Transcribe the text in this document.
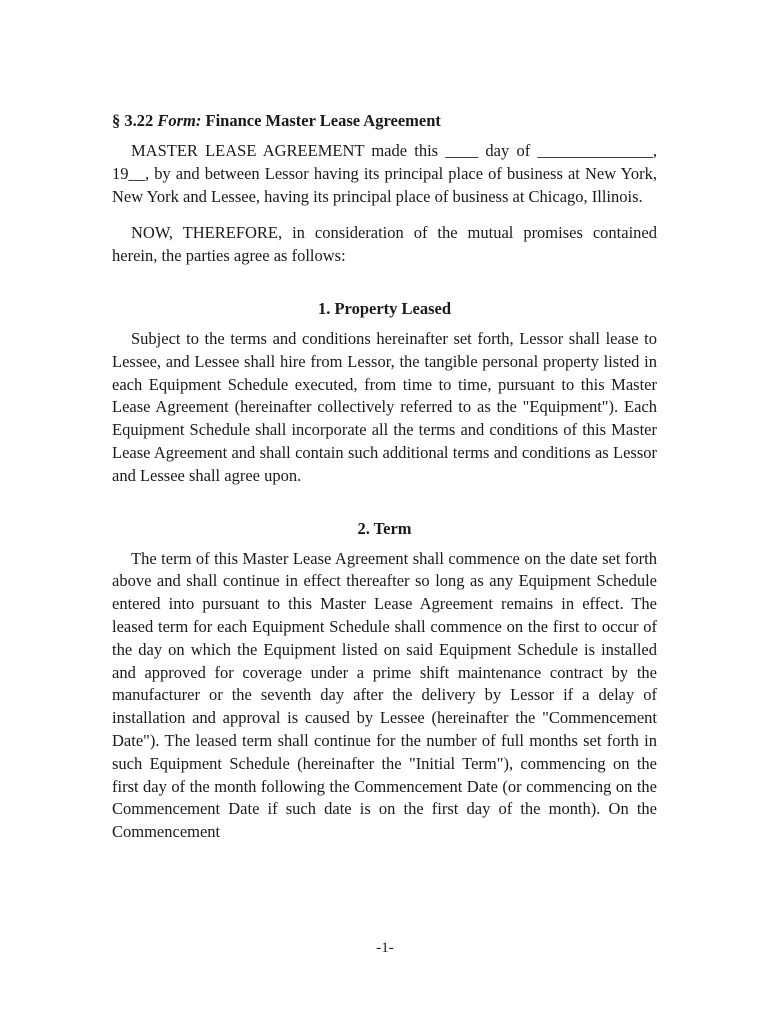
§ 3.22 Form: Finance Master Lease Agreement

MASTER LEASE AGREEMENT made this ____ day of ______________, 19__, by and between Lessor having its principal place of business at New York, New York and Lessee, having its principal place of business at Chicago, Illinois.

NOW, THEREFORE, in consideration of the mutual promises contained herein, the parties agree as follows:

1. Property Leased

Subject to the terms and conditions hereinafter set forth, Lessor shall lease to Lessee, and Lessee shall hire from Lessor, the tangible personal property listed in each Equipment Schedule executed, from time to time, pursuant to this Master Lease Agreement (hereinafter collectively referred to as the "Equipment"). Each Equipment Schedule shall incorporate all the terms and conditions of this Master Lease Agreement and shall contain such additional terms and conditions as Lessor and Lessee shall agree upon.

2. Term

The term of this Master Lease Agreement shall commence on the date set forth above and shall continue in effect thereafter so long as any Equipment Schedule entered into pursuant to this Master Lease Agreement remains in effect. The leased term for each Equipment Schedule shall commence on the first to occur of the day on which the Equipment listed on said Equipment Schedule is installed and approved for coverage under a prime shift maintenance contract by the manufacturer or the seventh day after the delivery by Lessor if a delay of installation and approval is caused by Lessee (hereinafter the "Commencement Date"). The leased term shall continue for the number of full months set forth in such Equipment Schedule (hereinafter the "Initial Term"), commencing on the first day of the month following the Commencement Date (or commencing on the Commencement Date if such date is on the first day of the month). On the Commencement

-1-
